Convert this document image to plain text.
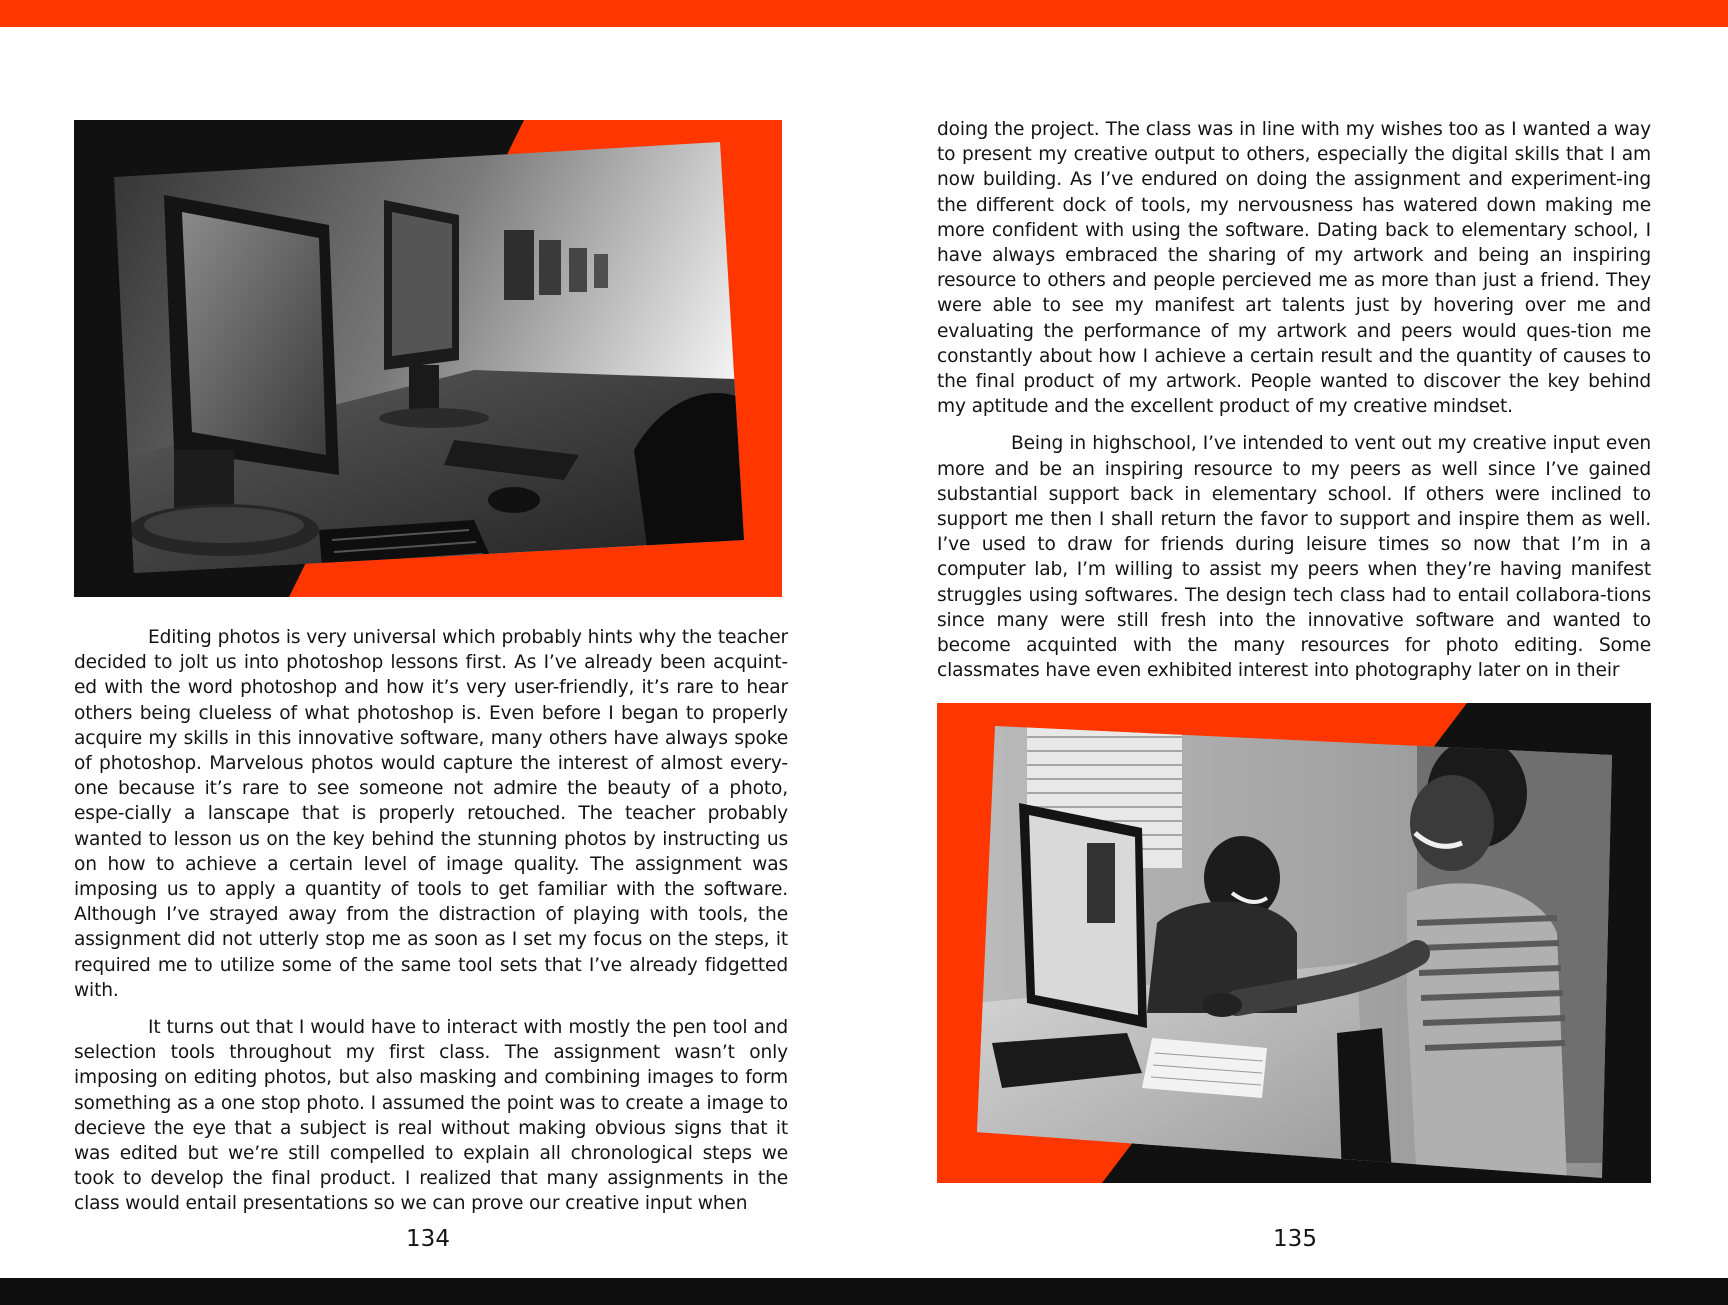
Editing photos is very universal which probably hints why the teacher decided to jolt us into photoshop lessons first. As I’ve already been acquint-ed with the word photoshop and how it’s very user-friendly, it’s rare to hear others being clueless of what photoshop is. Even before I began to properly acquire my skills in this innovative software, many others have always spoke of photoshop. Marvelous photos would capture the interest of almost every-one because it’s rare to see someone not admire the beauty of a photo, espe-cially a lanscape that is properly retouched. The teacher probably wanted to lesson us on the key behind the stunning photos by instructing us on how to achieve a certain level of image quality. The assignment was imposing us to apply a quantity of tools to get familiar with the software. Although I’ve strayed away from the distraction of playing with tools, the assignment did not utterly stop me as soon as I set my focus on the steps, it required me to utilize some of the same tool sets that I’ve already fidgetted with.

It turns out that I would have to interact with mostly the pen tool and selection tools throughout my first class. The assignment wasn’t only imposing on editing photos, but also masking and combining images to form something as a one stop photo. I assumed the point was to create a image to decieve the eye that a subject is real without making obvious signs that it was edited but we’re still compelled to explain all chronological steps we took to develop the final product. I realized that many assignments in the class would entail presentations so we can prove our creative input when

134

doing the project. The class was in line with my wishes too as I wanted a way to present my creative output to others, especially the digital skills that I am now building. As I’ve endured on doing the assignment and experiment-ing the different dock of tools, my nervousness has watered down making me more confident with using the software. Dating back to elementary school, I have always embraced the sharing of my artwork and being an inspiring resource to others and people percieved me as more than just a friend. They were able to see my manifest art talents just by hovering over me and evaluating the performance of my artwork and peers would ques-tion me constantly about how I achieve a certain result and the quantity of causes to the final product of my artwork. People wanted to discover the key behind my aptitude and the excellent product of my creative mindset.

Being in highschool, I’ve intended to vent out my creative input even more and be an inspiring resource to my peers as well since I’ve gained substantial support back in elementary school. If others were inclined to support me then I shall return the favor to support and inspire them as well. I’ve used to draw for friends during leisure times so now that I’m in a computer lab, I’m willing to assist my peers when they’re having manifest struggles using softwares. The design tech class had to entail collabora-tions since many were still fresh into the innovative software and wanted to become acquinted with the many resources for photo editing. Some classmates have even exhibited interest into photography later on in their

135
